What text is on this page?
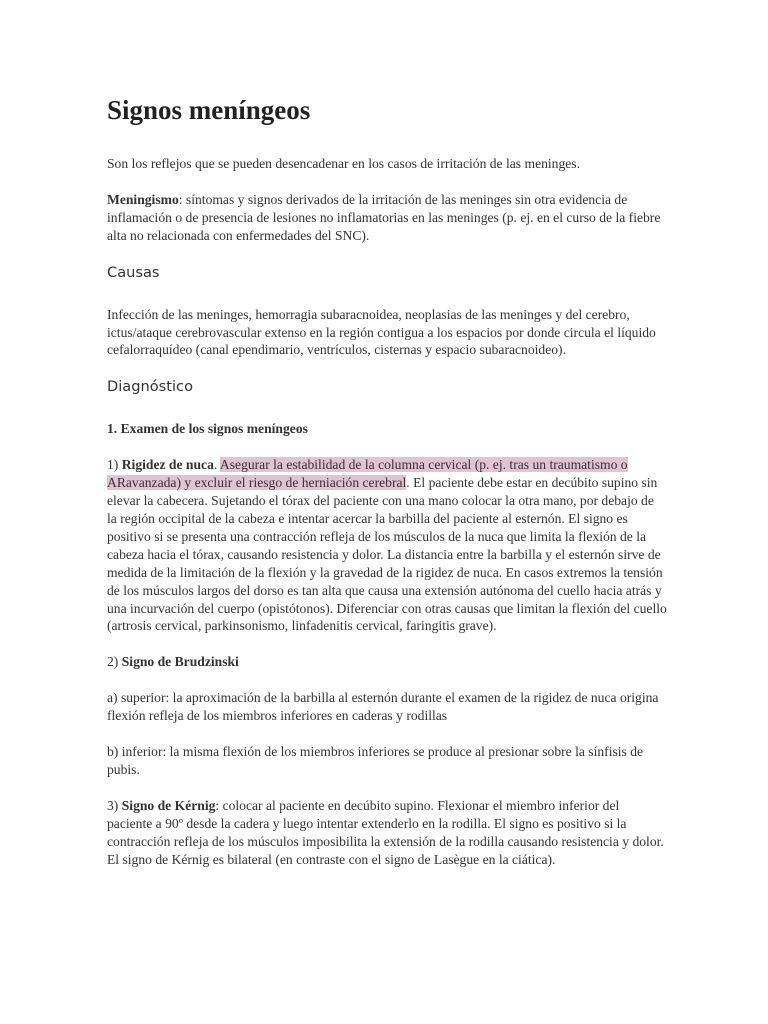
Signos meníngeos

Son los reflejos que se pueden desencadenar en los casos de irritación de las meninges.

Meningismo: síntomas y signos derivados de la irritación de las meninges sin otra evidencia de inflamación o de presencia de lesiones no inflamatorias en las meninges (p. ej. en el curso de la fiebre alta no relacionada con enfermedades del SNC).

Causas

Infección de las meninges, hemorragia subaracnoidea, neoplasias de las meninges y del cerebro, ictus/ataque cerebrovascular extenso en la región contigua a los espacios por donde circula el líquido cefalorraquídeo (canal ependimario, ventrículos, cisternas y espacio subaracnoideo).

Diagnóstico
1. Examen de los signos meníngeos

1) Rigidez de nuca. Asegurar la estabilidad de la columna cervical (p. ej. tras un traumatismo o ARavanzada) y excluir el riesgo de herniación cerebral. El paciente debe estar en decúbito supino sin elevar la cabecera. Sujetando el tórax del paciente con una mano colocar la otra mano, por debajo de la región occipital de la cabeza e intentar acercar la barbilla del paciente al esternón. El signo es positivo si se presenta una contracción refleja de los músculos de la nuca que limita la flexión de la cabeza hacia el tórax, causando resistencia y dolor. La distancia entre la barbilla y el esternón sirve de medida de la limitación de la flexión y la gravedad de la rigidez de nuca. En casos extremos la tensión de los músculos largos del dorso es tan alta que causa una extensión autónoma del cuello hacia atrás y una incurvación del cuerpo (opistótonos). Diferenciar con otras causas que limitan la flexión del cuello (artrosis cervical, parkinsonismo, linfadenitis cervical, faringitis grave).

2) Signo de Brudzinski

a) superior: la aproximación de la barbilla al esternón durante el examen de la rigidez de nuca origina flexión refleja de los miembros inferiores en caderas y rodillas

b) inferior: la misma flexión de los miembros inferiores se produce al presionar sobre la sínfisis de pubis.

3) Signo de Kérnig: colocar al paciente en decúbito supino. Flexionar el miembro inferior del paciente a 90º desde la cadera y luego intentar extenderlo en la rodilla. El signo es positivo si la contracción refleja de los músculos imposibilita la extensión de la rodilla causando resistencia y dolor. El signo de Kérnig es bilateral (en contraste con el signo de Lasègue en la ciática).
